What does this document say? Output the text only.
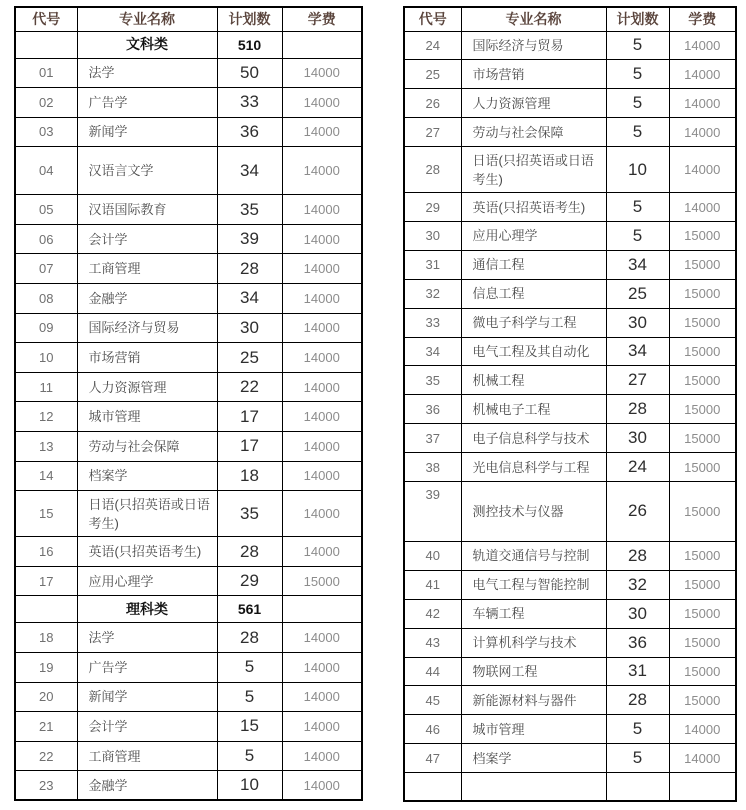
代号	专业名称	计划数	学费
	文科类	510	
01	法学	50	14000
02	广告学	33	14000
03	新闻学	36	14000
04	汉语言文学	34	14000
05	汉语国际教育	35	14000
06	会计学	39	14000
07	工商管理	28	14000
08	金融学	34	14000
09	国际经济与贸易	30	14000
10	市场营销	25	14000
11	人力资源管理	22	14000
12	城市管理	17	14000
13	劳动与社会保障	17	14000
14	档案学	18	14000
15	日语(只招英语或日语考生)	35	14000
16	英语(只招英语考生)	28	14000
17	应用心理学	29	15000
	理科类	561	
18	法学	28	14000
19	广告学	5	14000
20	新闻学	5	14000
21	会计学	15	14000
22	工商管理	5	14000
23	金融学	10	14000
代号	专业名称	计划数	学费
24	国际经济与贸易	5	14000
25	市场营销	5	14000
26	人力资源管理	5	14000
27	劳动与社会保障	5	14000
28	日语(只招英语或日语考生)	10	14000
29	英语(只招英语考生)	5	14000
30	应用心理学	5	15000
31	通信工程	34	15000
32	信息工程	25	15000
33	微电子科学与工程	30	15000
34	电气工程及其自动化	34	15000
35	机械工程	27	15000
36	机械电子工程	28	15000
37	电子信息科学与技术	30	15000
38	光电信息科学与工程	24	15000
39	测控技术与仪器	26	15000
40	轨道交通信号与控制	28	15000
41	电气工程与智能控制	32	15000
42	车辆工程	30	15000
43	计算机科学与技术	36	15000
44	物联网工程	31	15000
45	新能源材料与器件	28	15000
46	城市管理	5	14000
47	档案学	5	14000
